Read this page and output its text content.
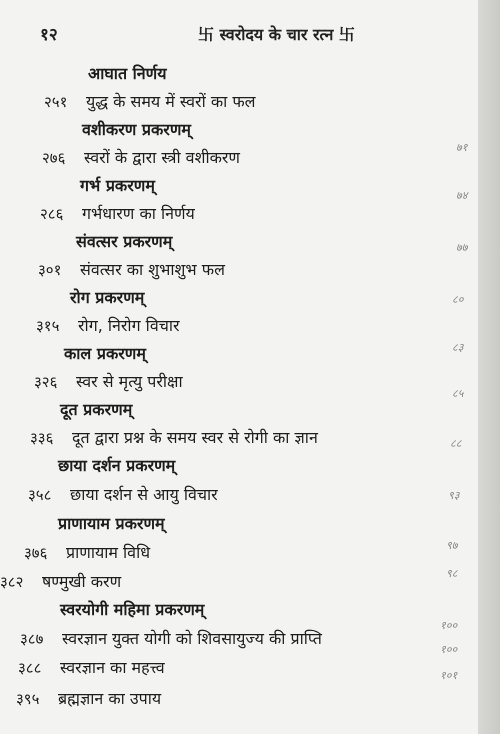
१२	卐 स्वरोदय के चार रत्न 卐
आघात निर्णय
२५१ युद्ध के समय में स्वरों का फल
वशीकरण प्रकरणम्
२७६ स्वरों के द्वारा स्त्री वशीकरण
गर्भ प्रकरणम्
२८६ गर्भधारण का निर्णय
संवत्सर प्रकरणम्
३०१ संवत्सर का शुभाशुभ फल
रोग प्रकरणम्
३१५ रोग, निरोग विचार
काल प्रकरणम्
३२६ स्वर से मृत्यु परीक्षा
दूत प्रकरणम्
३३६ दूत द्वारा प्रश्न के समय स्वर से रोगी का ज्ञान
छाया दर्शन प्रकरणम्
३५८ छाया दर्शन से आयु विचार
प्राणायाम प्रकरणम्
३७६ प्राणायाम विधि
३८२ षण्मुखी करण
स्वरयोगी महिमा प्रकरणम्
३८७ स्वरज्ञान युक्त योगी को शिवसायुज्य की प्राप्ति
३८८ स्वरज्ञान का महत्त्व
३९५ ब्रह्मज्ञान का उपाय
७१
७४
७७
८०
८३
८५
८८
९३
९७
९८
१००
१००
१०१
